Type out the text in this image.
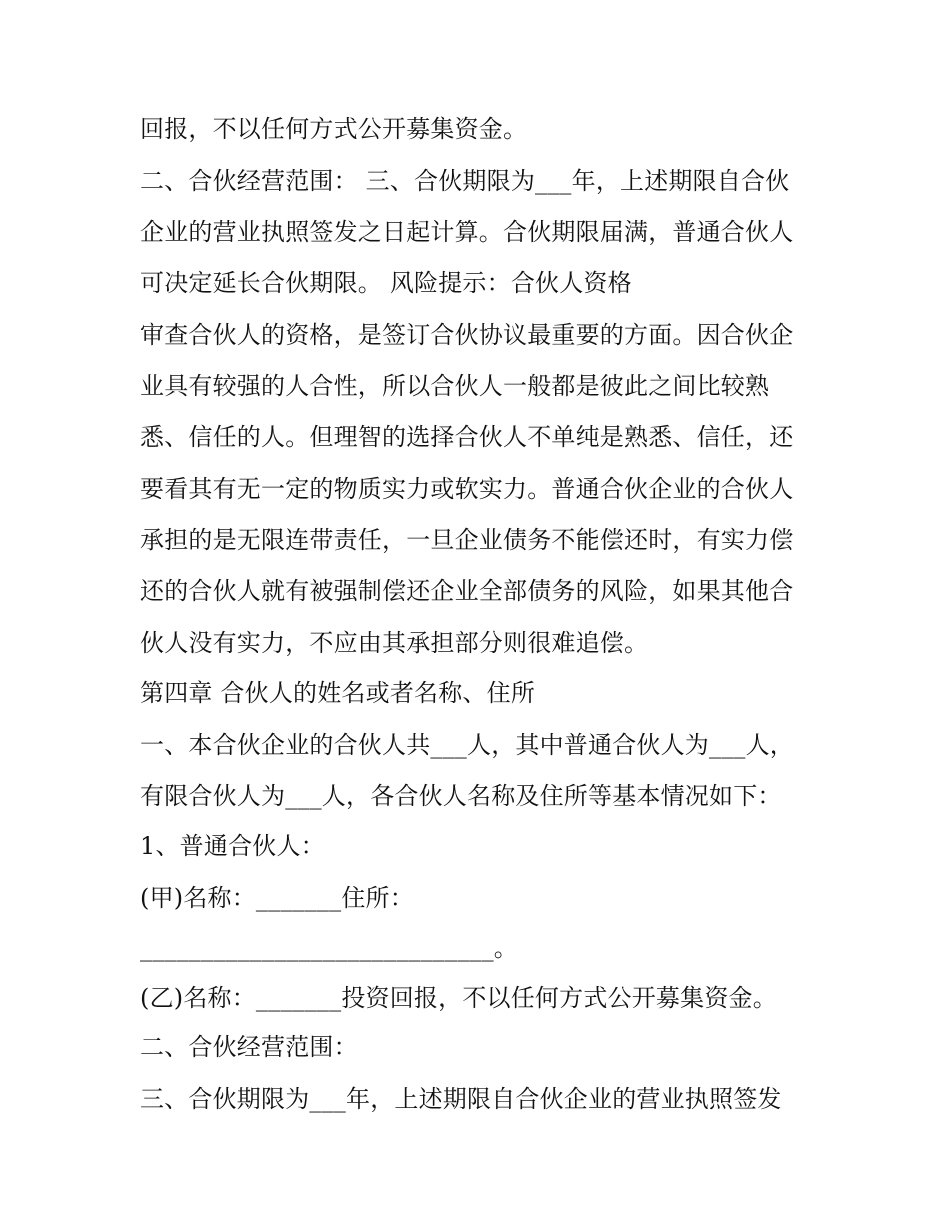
回报，不以任何方式公开募集资金。
二、合伙经营范围： 三、合伙期限为___年，上述期限自合伙
企业的营业执照签发之日起计算。合伙期限届满，普通合伙人
可决定延长合伙期限。 风险提示：合伙人资格
审查合伙人的资格，是签订合伙协议最重要的方面。因合伙企
业具有较强的人合性，所以合伙人一般都是彼此之间比较熟
悉、信任的人。但理智的选择合伙人不单纯是熟悉、信任，还
要看其有无一定的物质实力或软实力。普通合伙企业的合伙人
承担的是无限连带责任，一旦企业债务不能偿还时，有实力偿
还的合伙人就有被强制偿还企业全部债务的风险，如果其他合
伙人没有实力，不应由其承担部分则很难追偿。
第四章 合伙人的姓名或者名称、住所
一、本合伙企业的合伙人共___人，其中普通合伙人为___人，
有限合伙人为___人，各合伙人名称及住所等基本情况如下：
1、普通合伙人：
(甲)名称：_______住所：
_____________________________。
(乙)名称：_______投资回报，不以任何方式公开募集资金。
二、合伙经营范围：
三、合伙期限为___年，上述期限自合伙企业的营业执照签发
